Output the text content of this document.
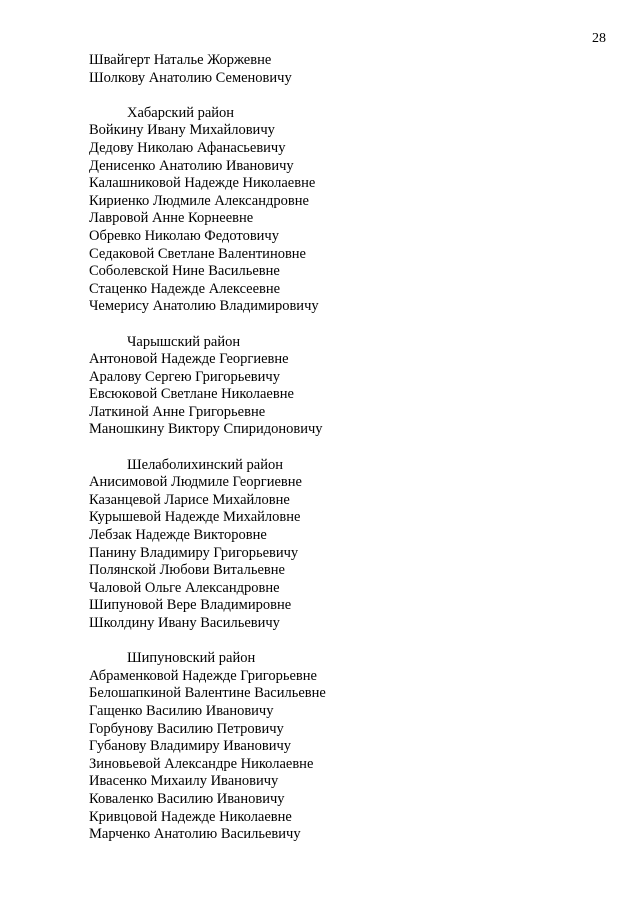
28
Швайгерт Наталье Жоржевне
Шолкову Анатолию Семеновичу
Хабарский район
Войкину Ивану Михайловичу
Дедову Николаю Афанасьевичу
Денисенко Анатолию Ивановичу
Калашниковой Надежде Николаевне
Кириенко Людмиле Александровне
Лавровой Анне Корнеевне
Обревко Николаю Федотовичу
Седаковой Светлане Валентиновне
Соболевской Нине Васильевне
Стаценко Надежде Алексеевне
Чемерису Анатолию Владимировичу
Чарышский район
Антоновой Надежде Георгиевне
Аралову Сергею Григорьевичу
Евсюковой Светлане Николаевне
Латкиной Анне Григорьевне
Маношкину Виктору Спиридоновичу
Шелаболихинский район
Анисимовой Людмиле Георгиевне
Казанцевой Ларисе Михайловне
Курышевой Надежде Михайловне
Лебзак Надежде Викторовне
Панину Владимиру Григорьевичу
Полянской Любови Витальевне
Чаловой Ольге Александровне
Шипуновой Вере Владимировне
Школдину Ивану Васильевичу
Шипуновский район
Абраменковой Надежде Григорьевне
Белошапкиной Валентине Васильевне
Гащенко Василию Ивановичу
Горбунову Василию Петровичу
Губанову Владимиру Ивановичу
Зиновьевой Александре Николаевне
Ивасенко Михаилу Ивановичу
Коваленко Василию Ивановичу
Кривцовой Надежде Николаевне
Марченко Анатолию Васильевичу
